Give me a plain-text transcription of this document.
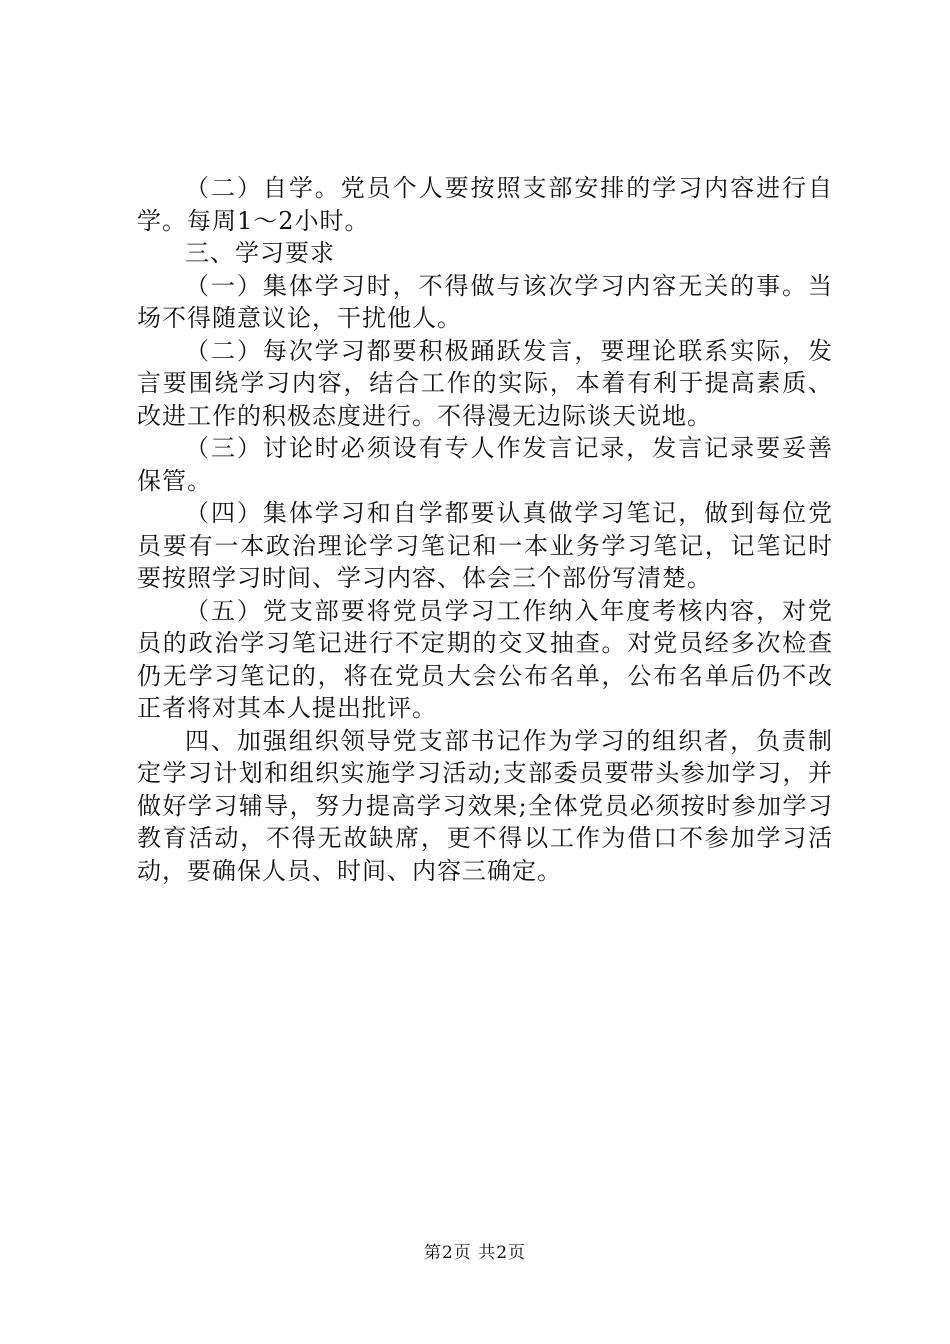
（二）自学。党员个人要按照支部安排的学习内容进行自学。每周1～2小时。

三、学习要求

（一）集体学习时，不得做与该次学习内容无关的事。当场不得随意议论，干扰他人。

（二）每次学习都要积极踊跃发言，要理论联系实际，发言要围绕学习内容，结合工作的实际，本着有利于提高素质、改进工作的积极态度进行。不得漫无边际谈天说地。

（三）讨论时必须设有专人作发言记录，发言记录要妥善保管。

（四）集体学习和自学都要认真做学习笔记，做到每位党员要有一本政治理论学习笔记和一本业务学习笔记，记笔记时要按照学习时间、学习内容、体会三个部份写清楚。

（五）党支部要将党员学习工作纳入年度考核内容，对党员的政治学习笔记进行不定期的交叉抽查。对党员经多次检查仍无学习笔记的，将在党员大会公布名单，公布名单后仍不改正者将对其本人提出批评。

四、加强组织领导党支部书记作为学习的组织者，负责制定学习计划和组织实施学习活动;支部委员要带头参加学习，并做好学习辅导，努力提高学习效果;全体党员必须按时参加学习教育活动，不得无故缺席，更不得以工作为借口不参加学习活动，要确保人员、时间、内容三确定。

第2页 共2页
